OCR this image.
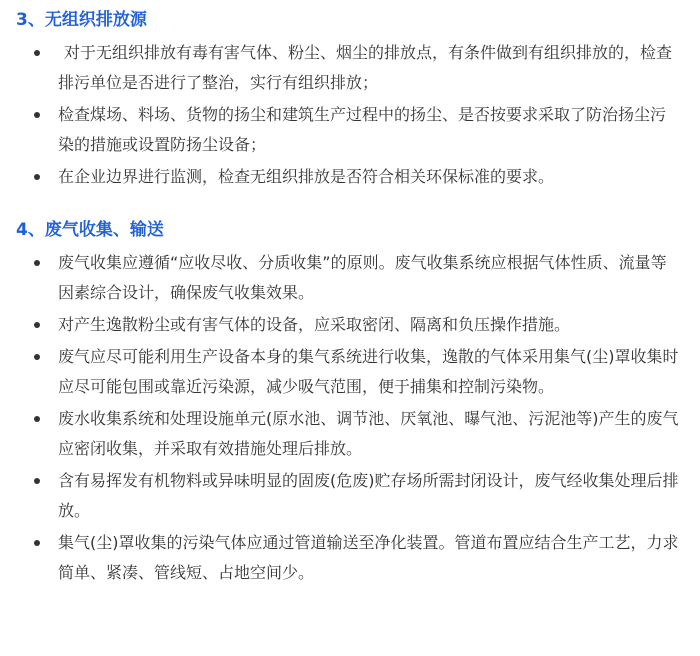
3、无组织排放源
对于无组织排放有毒有害气体、粉尘、烟尘的排放点，有条件做到有组织排放的，检查排污单位是否进行了整治，实行有组织排放；
检查煤场、料场、货物的扬尘和建筑生产过程中的扬尘、是否按要求采取了防治扬尘污染的措施或设置防扬尘设备；
在企业边界进行监测，检查无组织排放是否符合相关环保标准的要求。
4、废气收集、输送
废气收集应遵循“应收尽收、分质收集”的原则。废气收集系统应根据气体性质、流量等因素综合设计，确保废气收集效果。
对产生逸散粉尘或有害气体的设备，应采取密闭、隔离和负压操作措施。
废气应尽可能利用生产设备本身的集气系统进行收集，逸散的气体采用集气(尘)罩收集时应尽可能包围或靠近污染源，减少吸气范围，便于捕集和控制污染物。
废水收集系统和处理设施单元(原水池、调节池、厌氧池、曝气池、污泥池等)产生的废气应密闭收集，并采取有效措施处理后排放。
含有易挥发有机物料或异味明显的固废(危废)贮存场所需封闭设计，废气经收集处理后排放。
集气(尘)罩收集的污染气体应通过管道输送至净化装置。管道布置应结合生产工艺，力求简单、紧凑、管线短、占地空间少。
